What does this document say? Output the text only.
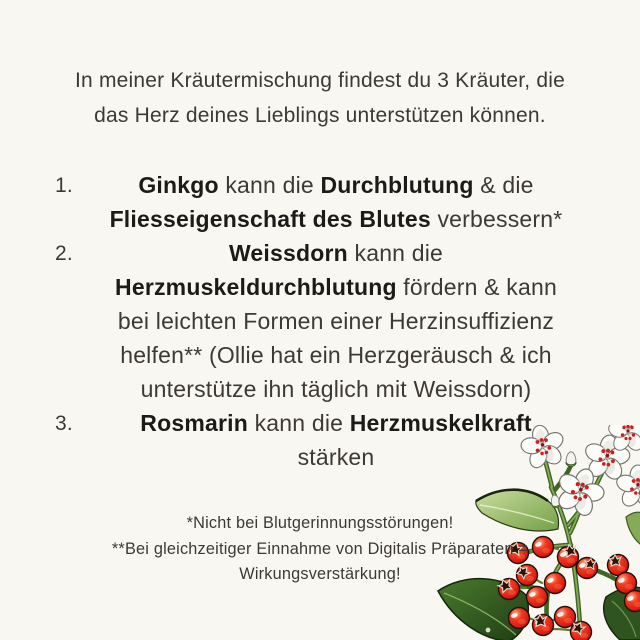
In meiner Kräutermischung findest du 3 Kräuter, die
das Herz deines Lieblings unterstützen können.

1.	Ginkgo kann die Durchblutung & die
Fliesseigenschaft des Blutes verbessern*
2.	Weissdorn kann die
Herzmuskeldurchblutung fördern & kann
bei leichten Formen einer Herzinsuffizienz
helfen** (Ollie hat ein Herzgeräusch & ich
unterstütze ihn täglich mit Weissdorn)
3.	Rosmarin kann die Herzmuskelkraft
stärken

*Nicht bei Blutgerinnungsstörungen!
**Bei gleichzeitiger Einnahme von Digitalis Präparaten =
Wirkungsverstärkung!
